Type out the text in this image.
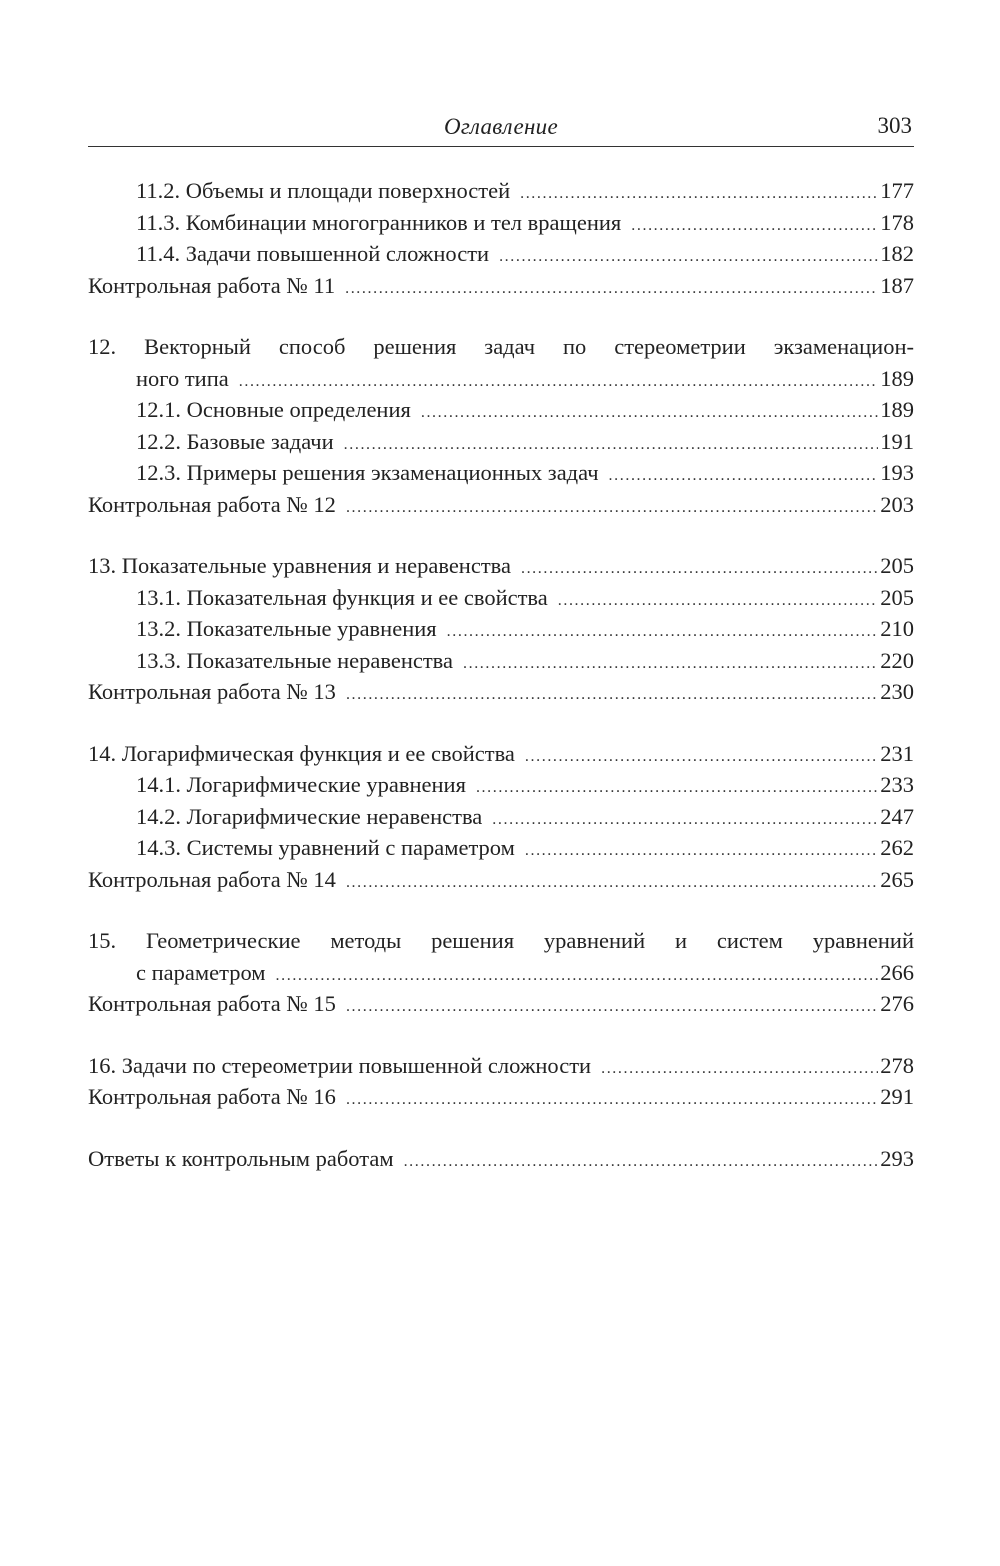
Оглавление	303
11.2. Объемы и площади поверхностей .....	177
11.3. Комбинации многогранников и тел вращения .....	178
11.4. Задачи повышенной сложности .....	182
Контрольная работа № 11 .....	187
12. Векторный способ решения задач по стереометрии экзаменацион-
ного типа .....	189
12.1. Основные определения .....	189
12.2. Базовые задачи .....	191
12.3. Примеры решения экзаменационных задач .....	193
Контрольная работа № 12 .....	203
13. Показательные уравнения и неравенства .....	205
13.1. Показательная функция и ее свойства .....	205
13.2. Показательные уравнения .....	210
13.3. Показательные неравенства .....	220
Контрольная работа № 13 .....	230
14. Логарифмическая функция и ее свойства .....	231
14.1. Логарифмические уравнения .....	233
14.2. Логарифмические неравенства .....	247
14.3. Системы уравнений с параметром .....	262
Контрольная работа № 14 .....	265
15. Геометрические методы решения уравнений и систем уравнений
с параметром .....	266
Контрольная работа № 15 .....	276
16. Задачи по стереометрии повышенной сложности .....	278
Контрольная работа № 16 .....	291
Ответы к контрольным работам .....	293
